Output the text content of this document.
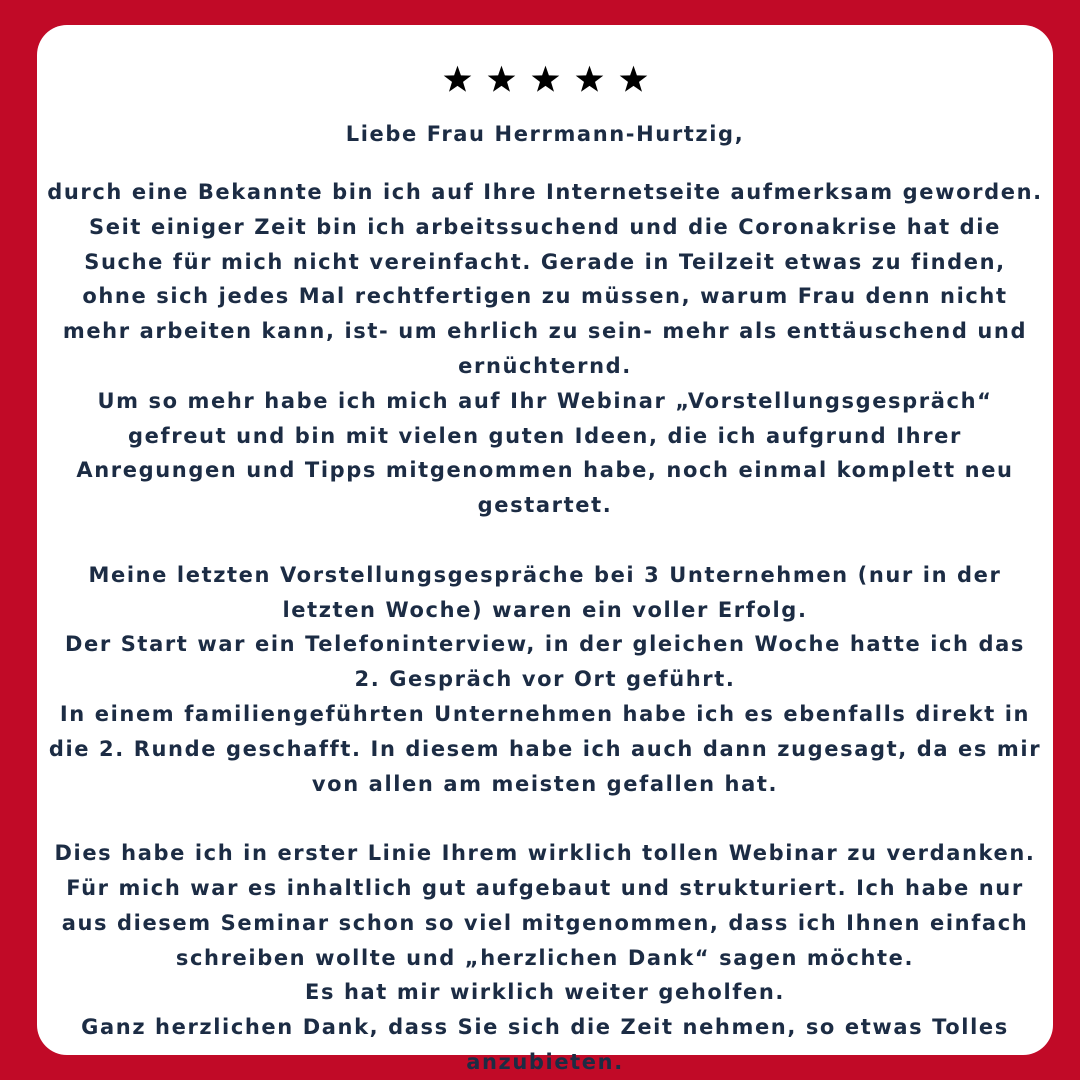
Liebe Frau Herrmann-Hurtzig,
durch eine Bekannte bin ich auf Ihre Internetseite aufmerksam geworden.
Seit einiger Zeit bin ich arbeitssuchend und die Coronakrise hat die
Suche für mich nicht vereinfacht. Gerade in Teilzeit etwas zu finden,
ohne sich jedes Mal rechtfertigen zu müssen, warum Frau denn nicht
mehr arbeiten kann, ist- um ehrlich zu sein- mehr als enttäuschend und
ernüchternd.
Um so mehr habe ich mich auf Ihr Webinar „Vorstellungsgespräch“
gefreut und bin mit vielen guten Ideen, die ich aufgrund Ihrer
Anregungen und Tipps mitgenommen habe, noch einmal komplett neu
gestartet.
Meine letzten Vorstellungsgespräche bei 3 Unternehmen (nur in der
letzten Woche) waren ein voller Erfolg.
Der Start war ein Telefoninterview, in der gleichen Woche hatte ich das
2. Gespräch vor Ort geführt.
In einem familiengeführten Unternehmen habe ich es ebenfalls direkt in
die 2. Runde geschafft. In diesem habe ich auch dann zugesagt, da es mir
von allen am meisten gefallen hat.
Dies habe ich in erster Linie Ihrem wirklich tollen Webinar zu verdanken.
Für mich war es inhaltlich gut aufgebaut und strukturiert. Ich habe nur
aus diesem Seminar schon so viel mitgenommen, dass ich Ihnen einfach
schreiben wollte und „herzlichen Dank“ sagen möchte.
Es hat mir wirklich weiter geholfen.
Ganz herzlichen Dank, dass Sie sich die Zeit nehmen, so etwas Tolles
anzubieten.
